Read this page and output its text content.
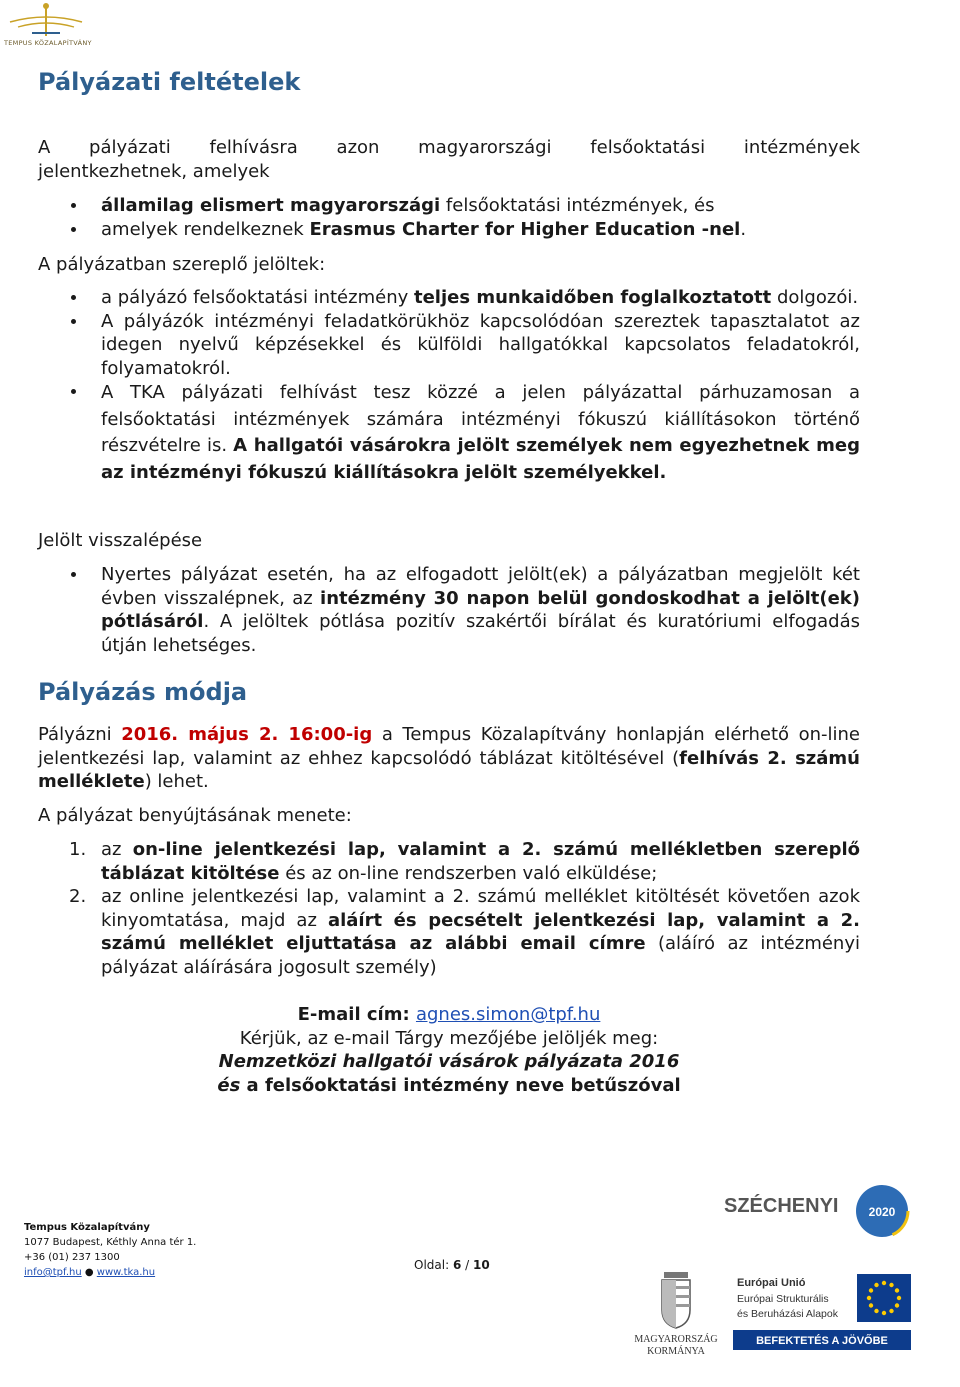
TEMPUS KÖZALAPÍTVÁNY
Pályázati feltételek
A pályázati felhívásra azon magyarországi felsőoktatási intézmények
jelentkezhetnek, amelyek
államilag elismert magyarországi felsőoktatási intézmények, és
amelyek rendelkeznek Erasmus Charter for Higher Education -nel.
A pályázatban szereplő jelöltek:
a pályázó felsőoktatási intézmény teljes munkaidőben foglalkoztatott dolgozói.
A pályázók intézményi feladatkörükhöz kapcsolódóan szereztek tapasztalatot az idegen nyelvű képzésekkel és külföldi hallgatókkal kapcsolatos feladatokról, folyamatokról.
A TKA pályázati felhívást tesz közzé a jelen pályázattal párhuzamosan a felsőoktatási intézmények számára intézményi fókuszú kiállításokon történő részvételre is. A hallgatói vásárokra jelölt személyek nem egyezhetnek meg az intézményi fókuszú kiállításokra jelölt személyekkel.
Jelölt visszalépése
Nyertes pályázat esetén, ha az elfogadott jelölt(ek) a pályázatban megjelölt két évben visszalépnek, az intézmény 30 napon belül gondoskodhat a jelölt(ek) pótlásáról. A jelöltek pótlása pozitív szakértői bírálat és kuratóriumi elfogadás útján lehetséges.
Pályázás módja
Pályázni 2016. május 2. 16:00-ig a Tempus Közalapítvány honlapján elérhető on-line jelentkezési lap, valamint az ehhez kapcsolódó táblázat kitöltésével (felhívás 2. számú melléklete) lehet.
A pályázat benyújtásának menete:
1. az on-line jelentkezési lap, valamint a 2. számú mellékletben szereplő táblázat kitöltése és az on-line rendszerben való elküldése;
2. az online jelentkezési lap, valamint a 2. számú melléklet kitöltését követően azok kinyomtatása, majd az aláírt és pecsételt jelentkezési lap, valamint a 2. számú melléklet eljuttatása az alábbi email címre (aláíró az intézményi pályázat aláírására jogosult személy)
E-mail cím: agnes.simon@tpf.hu
Kérjük, az e-mail Tárgy mezőjébe jelöljék meg:
Nemzetközi hallgatói vásárok pályázata 2016
és a felsőoktatási intézmény neve betűszóval
Tempus Közalapítvány
1077 Budapest, Kéthly Anna tér 1.
+36 (01) 237 1300
info@tpf.hu ● www.tka.hu
Oldal: 6 / 10
SZÉCHENYI	2020
MAGYARORSZÁG
KORMÁNYA
Európai Unió
Európai Strukturális
és Beruházási Alapok
BEFEKTETÉS A JÖVŐBE
